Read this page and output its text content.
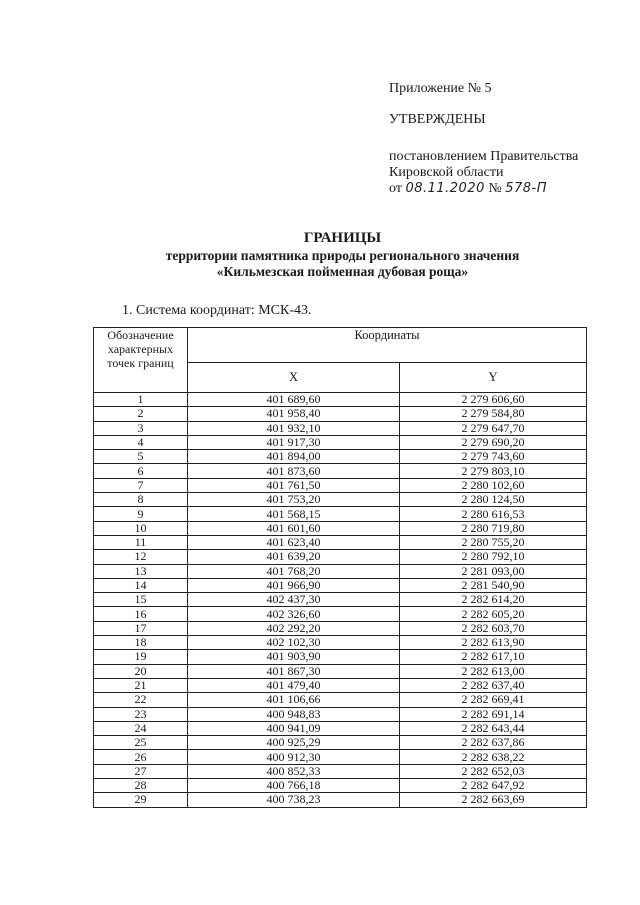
Приложение № 5
УТВЕРЖДЕНЫ
постановлением Правительства
Кировской области
от 08.11.2020 № 578-П
ГРАНИЦЫ
территории памятника природы регионального значения
«Кильмезская пойменная дубовая роща»
1. Система координат: МСК-43.
Обозначение
характерных
точек границ	Координаты	
	X	Y
1	401 689,60	2 279 606,60
2	401 958,40	2 279 584,80
3	401 932,10	2 279 647,70
4	401 917,30	2 279 690,20
5	401 894,00	2 279 743,60
6	401 873,60	2 279 803,10
7	401 761,50	2 280 102,60
8	401 753,20	2 280 124,50
9	401 568,15	2 280 616,53
10	401 601,60	2 280 719,80
11	401 623,40	2 280 755,20
12	401 639,20	2 280 792,10
13	401 768,20	2 281 093,00
14	401 966,90	2 281 540,90
15	402 437,30	2 282 614,20
16	402 326,60	2 282 605,20
17	402 292,20	2 282 603,70
18	402 102,30	2 282 613,90
19	401 903,90	2 282 617,10
20	401 867,30	2 282 613,00
21	401 479,40	2 282 637,40
22	401 106,66	2 282 669,41
23	400 948,83	2 282 691,14
24	400 941,09	2 282 643,44
25	400 925,29	2 282 637,86
26	400 912,30	2 282 638,22
27	400 852,33	2 282 652,03
28	400 766,18	2 282 647,92
29	400 738,23	2 282 663,69
